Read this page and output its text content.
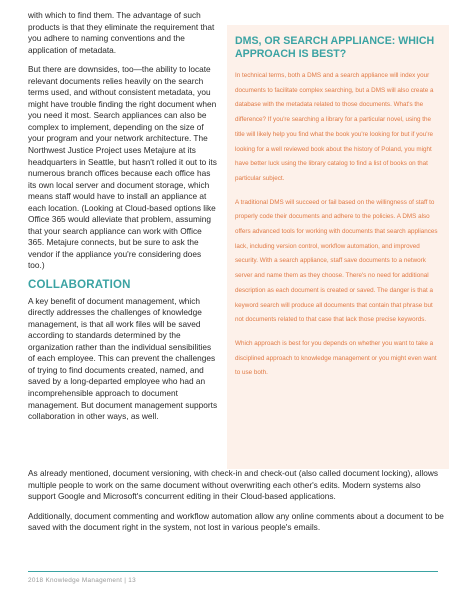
with which to find them. The advantage of such products is that they eliminate the requirement that you adhere to naming conventions and the application of metadata.

But there are downsides, too—the ability to locate relevant documents relies heavily on the search terms used, and without consistent metadata, you might have trouble finding the right document when you need it most. Search appliances can also be complex to implement, depending on the size of your program and your network architecture. The Northwest Justice Project uses Metajure at its headquarters in Seattle, but hasn't rolled it out to its numerous branch offices because each office has its own local server and document storage, which means staff would have to install an appliance at each location. (Looking at Cloud-based options like Office 365 would alleviate that problem, assuming that your search appliance can work with Office 365. Metajure connects, but be sure to ask the vendor if the appliance you're considering does too.)

COLLABORATION

A key benefit of document management, which directly addresses the challenges of knowledge management, is that all work files will be saved according to standards determined by the organization rather than the individual sensibilities of each employee. This can prevent the challenges of trying to find documents created, named, and saved by a long-departed employee who had an incomprehensible approach to document management. But document management supports collaboration in other ways, as well.

DMS, OR SEARCH APPLIANCE: WHICH APPROACH IS BEST?

In technical terms, both a DMS and a search appliance will index your documents to facilitate complex searching, but a DMS will also create a database with the metadata related to those documents. What's the difference? If you're searching a library for a particular novel, using the title will likely help you find what the book you're looking for but if you're looking for a well reviewed book about the history of Poland, you might have better luck using the library catalog to find a list of books on that particular subject.

A traditional DMS will succeed or fail based on the willingness of staff to properly code their documents and adhere to the policies. A DMS also offers advanced tools for working with documents that search appliances lack, including version control, workflow automation, and improved security. With a search appliance, staff save documents to a network server and name them as they choose. There's no need for additional description as each document is created or saved. The danger is that a keyword search will produce all documents that contain that phrase but not documents related to that case that lack those precise keywords.

Which approach is best for you depends on whether you want to take a disciplined approach to knowledge management or you might even want to use both.

As already mentioned, document versioning, with check-in and check-out (also called document locking), allows multiple people to work on the same document without overwriting each other's edits. Modern systems also support Google and Microsoft's concurrent editing in their Cloud-based applications.

Additionally, document commenting and workflow automation allow any online comments about a document to be saved with the document right in the system, not lost in various people's emails.

2018 Knowledge Management | 13
